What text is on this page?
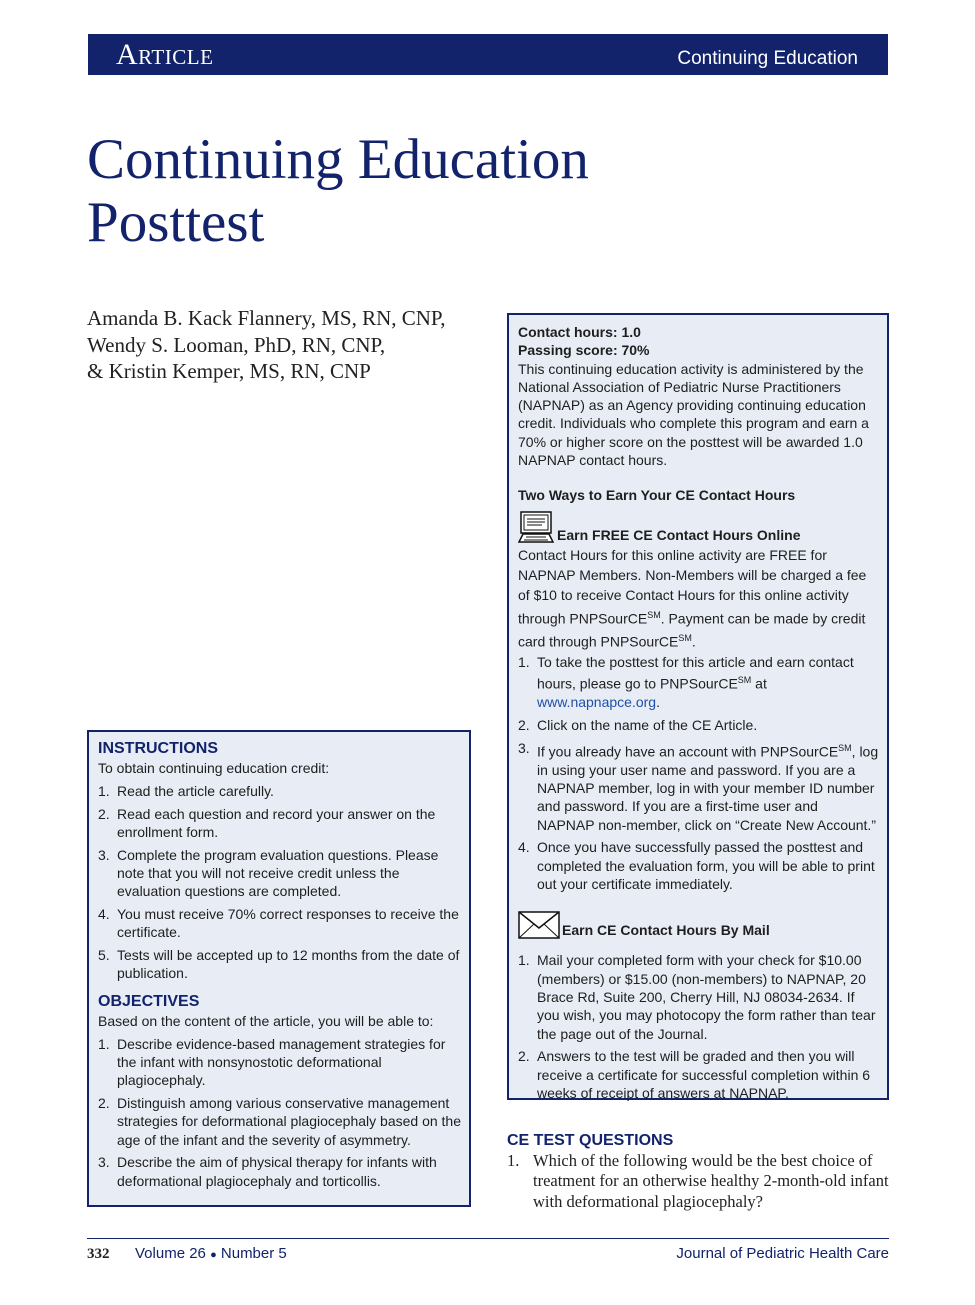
Article	Continuing Education
Continuing Education
Posttest
Amanda B. Kack Flannery, MS, RN, CNP,
Wendy S. Looman, PhD, RN, CNP,
& Kristin Kemper, MS, RN, CNP
Contact hours: 1.0
Passing score: 70%

This continuing education activity is administered by the National Association of Pediatric Nurse Practitioners (NAPNAP) as an Agency providing continuing education credit. Individuals who complete this program and earn a 70% or higher score on the posttest will be awarded 1.0 NAPNAP contact hours.

Two Ways to Earn Your CE Contact Hours
Earn FREE CE Contact Hours Online

Contact Hours for this online activity are FREE for NAPNAP Members. Non-Members will be charged a fee of $10 to receive Contact Hours for this online activity through PNPSourCE℠. Payment can be made by credit card through PNPSourCE℠.

1. To take the posttest for this article and earn contact hours, please go to PNPSourCE℠ at www.napnapce.org.
2. Click on the name of the CE Article.
3. If you already have an account with PNPSourCE℠, log in using your user name and password. If you are a NAPNAP member, log in with your member ID number and password. If you are a first-time user and NAPNAP non-member, click on “Create New Account.”
4. Once you have successfully passed the posttest and completed the evaluation form, you will be able to print out your certificate immediately.
Earn CE Contact Hours By Mail
1. Mail your completed form with your check for $10.00 (members) or $15.00 (non-members) to NAPNAP, 20 Brace Rd, Suite 200, Cherry Hill, NJ 08034-2634. If you wish, you may photocopy the form rather than tear the page out of the Journal.
2. Answers to the test will be graded and then you will receive a certificate for successful completion within 6 weeks of receipt of answers at NAPNAP.
INSTRUCTIONS
To obtain continuing education credit:
1. Read the article carefully.
2. Read each question and record your answer on the enrollment form.
3. Complete the program evaluation questions. Please note that you will not receive credit unless the evaluation questions are completed.
4. You must receive 70% correct responses to receive the certificate.
5. Tests will be accepted up to 12 months from the date of publication.
OBJECTIVES
Based on the content of the article, you will be able to:
1. Describe evidence-based management strategies for the infant with nonsynostotic deformational plagiocephaly.
2. Distinguish among various conservative management strategies for deformational plagiocephaly based on the age of the infant and the severity of asymmetry.
3. Describe the aim of physical therapy for infants with deformational plagiocephaly and torticollis.
CE TEST QUESTIONS
1. Which of the following would be the best choice of treatment for an otherwise healthy 2-month-old infant with deformational plagiocephaly?
332 Volume 26 ● Number 5	Journal of Pediatric Health Care
